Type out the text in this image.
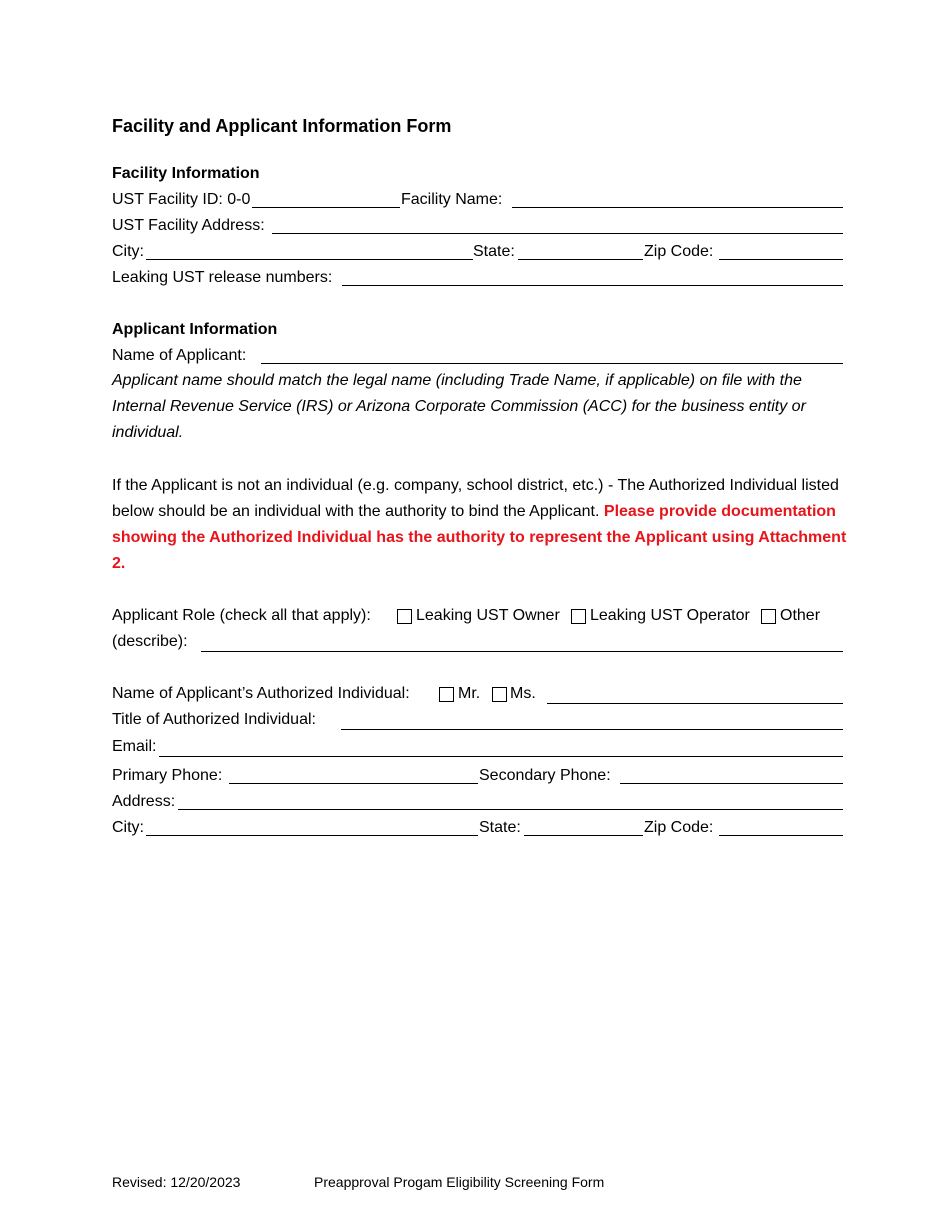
Facility and Applicant Information Form
Facility Information
UST Facility ID: 0-0	Facility Name:
UST Facility Address:
City:	State:	Zip Code:
Leaking UST release numbers:
Applicant Information
Name of Applicant:
Applicant name should match the legal name (including Trade Name, if applicable) on file with the Internal Revenue Service (IRS) or Arizona Corporate Commission (ACC) for the business entity or individual.
If the Applicant is not an individual (e.g. company, school district, etc.) - The Authorized Individual listed below should be an individual with the authority to bind the Applicant. Please provide documentation showing the Authorized Individual has the authority to represent the Applicant using Attachment 2.
Applicant Role (check all that apply):	Leaking UST Owner Leaking UST Operator Other
(describe):
Name of Applicant’s Authorized Individual:	Mr. Ms.
Title of Authorized Individual:
Email:
Primary Phone:	Secondary Phone:
Address:
City:	State:	Zip Code:
Revised: 12/20/2023	Preapproval Progam Eligibility Screening Form
